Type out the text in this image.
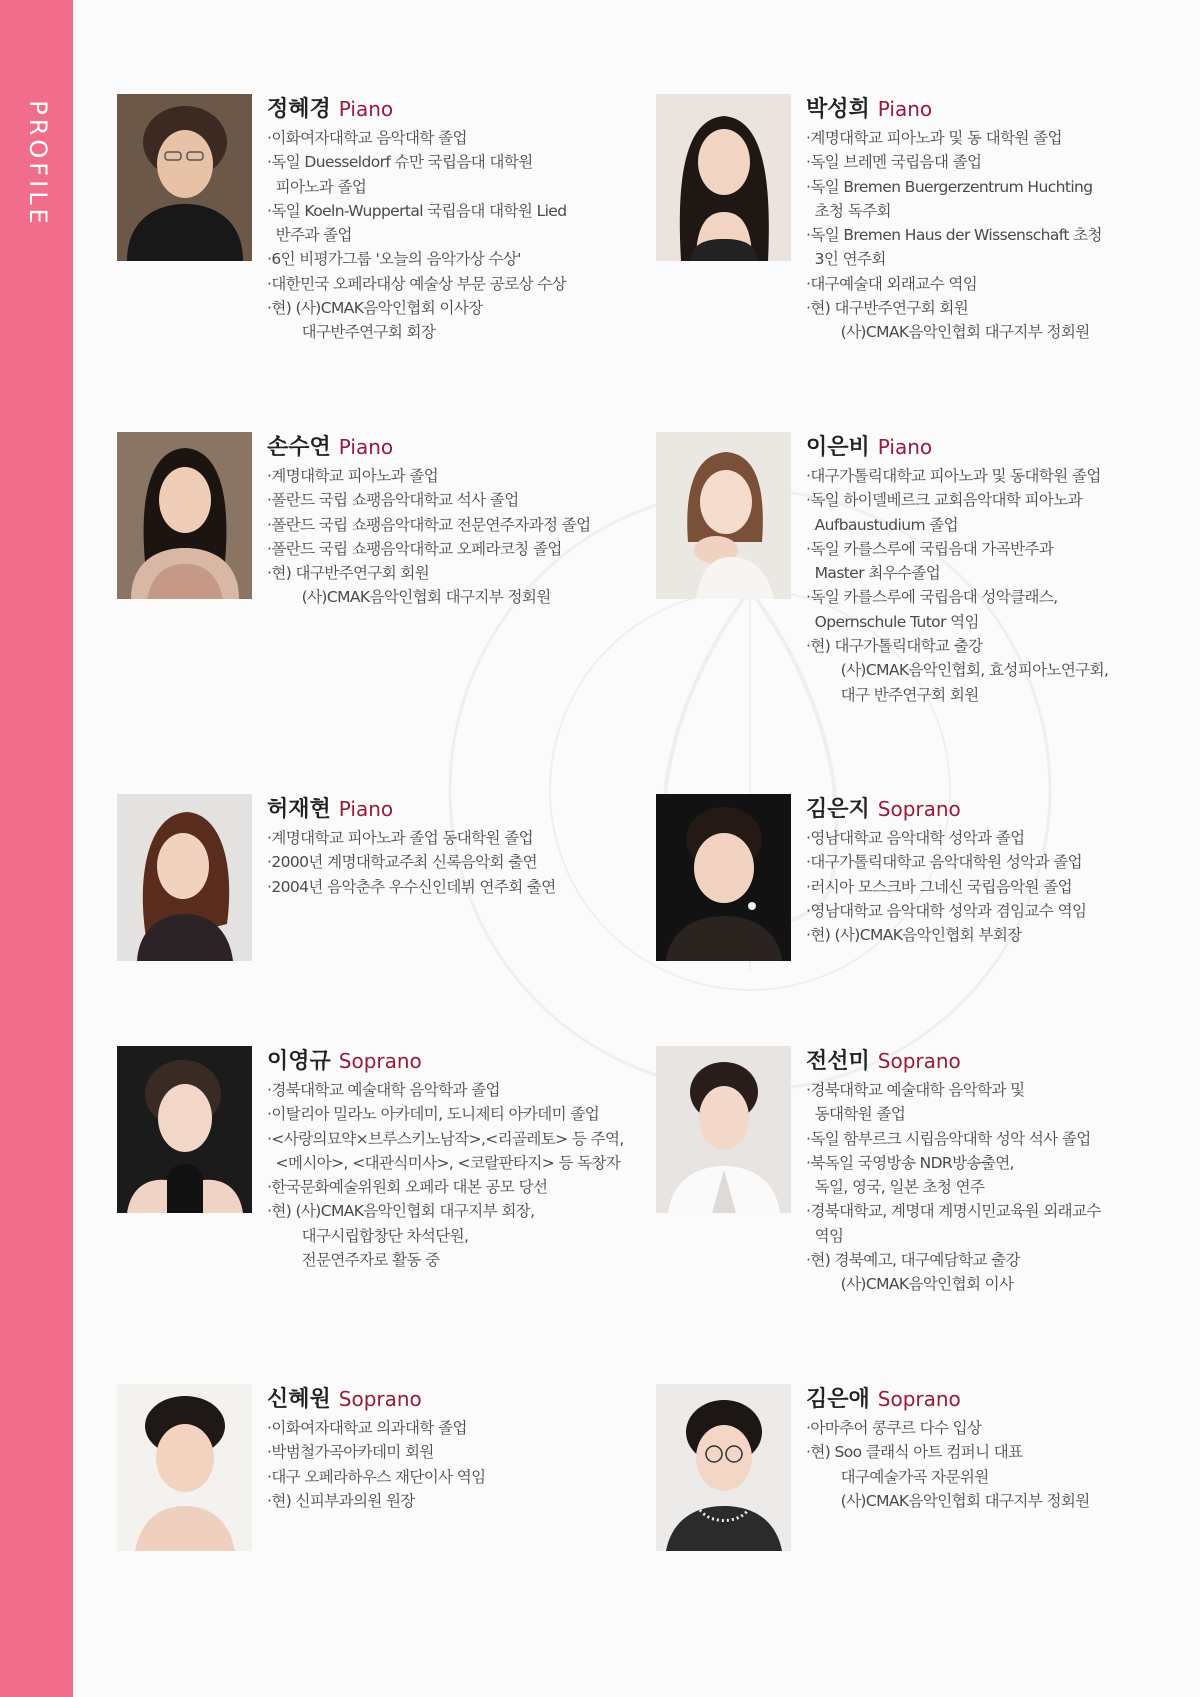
PROFILE	정혜경 Piano
·이화여자대학교 음악대학 졸업
·독일 Duesseldorf 슈만 국립음대 대학원
피아노과 졸업
·독일 Koeln-Wuppertal 국립음대 대학원 Lied
반주과 졸업
·6인 비평가그룹 '오늘의 음악가상 수상'
·대한민국 오페라대상 예술상 부문 공로상 수상
·현) (사)CMAK음악인협회 이사장
대구반주연구회 회장
박성희 Piano
·계명대학교 피아노과 및 동 대학원 졸업
·독일 브레멘 국립음대 졸업
·독일 Bremen Buergerzentrum Huchting
초청 독주회
·독일 Bremen Haus der Wissenschaft 초청
3인 연주회
·대구예술대 외래교수 역임
·현) 대구반주연구회 회원
(사)CMAK음악인협회 대구지부 정회원
손수연 Piano
·계명대학교 피아노과 졸업
·폴란드 국립 쇼팽음악대학교 석사 졸업
·폴란드 국립 쇼팽음악대학교 전문연주자과정 졸업
·폴란드 국립 쇼팽음악대학교 오페라코칭 졸업
·현) 대구반주연구회 회원
(사)CMAK음악인협회 대구지부 정회원
이은비 Piano
·대구가톨릭대학교 피아노과 및 동대학원 졸업
·독일 하이델베르크 교회음악대학 피아노과
Aufbaustudium 졸업
·독일 카를스루에 국립음대 가곡반주과
Master 최우수졸업
·독일 카를스루에 국립음대 성악클래스,
Opernschule Tutor 역임
·현) 대구가톨릭대학교 출강
(사)CMAK음악인협회, 효성피아노연구회,
대구 반주연구회 회원
허재현 Piano
·계명대학교 피아노과 졸업 동대학원 졸업
·2000년 계명대학교주최 신록음악회 출연
·2004년 음악춘추 우수신인데뷔 연주회 출연
김은지 Soprano
·영남대학교 음악대학 성악과 졸업
·대구가톨릭대학교 음악대학원 성악과 졸업
·러시아 모스크바 그네신 국립음악원 졸업
·영남대학교 음악대학 성악과 겸임교수 역임
·현) (사)CMAK음악인협회 부회장
이영규 Soprano
·경북대학교 예술대학 음악학과 졸업
·이탈리아 밀라노 아카데미, 도니제티 아카데미 졸업
·<사랑의묘약×브루스키노남작>,<리골레토> 등 주역,
<메시아>, <대관식미사>, <코랄판타지> 등 독창자
·한국문화예술위원회 오페라 대본 공모 당선
·현) (사)CMAK음악인협회 대구지부 회장,
대구시립합창단 차석단원,
전문연주자로 활동 중
전선미 Soprano
·경북대학교 예술대학 음악학과 및
동대학원 졸업
·독일 함부르크 시립음악대학 성악 석사 졸업
·북독일 국영방송 NDR방송출연,
독일, 영국, 일본 초청 연주
·경북대학교, 계명대 계명시민교육원 외래교수
역임
·현) 경북예고, 대구예담학교 출강
(사)CMAK음악인협회 이사
신혜원 Soprano
·이화여자대학교 의과대학 졸업
·박범철가곡아카데미 회원
·대구 오페라하우스 재단이사 역임
·현) 신피부과의원 원장
김은애 Soprano
·아마추어 콩쿠르 다수 입상
·현) Soo 클래식 아트 컴퍼니 대표
대구예술가곡 자문위원
(사)CMAK음악인협회 대구지부 정회원
